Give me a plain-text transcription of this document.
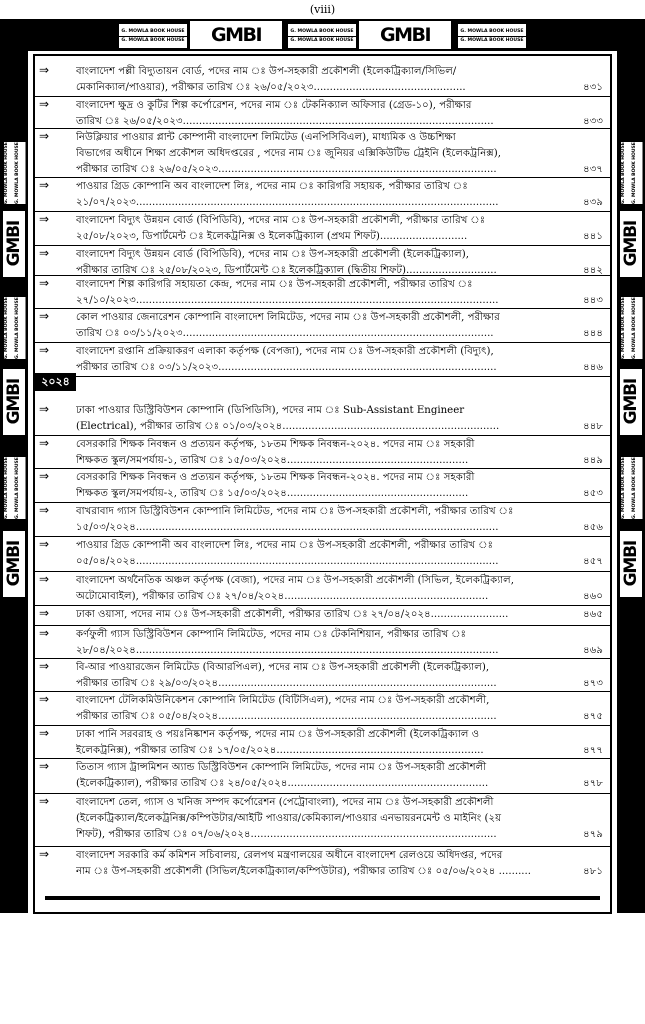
(viii)
G. MOWLA BOOK HOUSE
G. MOWLA BOOK HOUSE	GMBI	G. MOWLA BOOK HOUSE
G. MOWLA BOOK HOUSE	GMBI	G. MOWLA BOOK HOUSE
G. MOWLA BOOK HOUSE
G. MOWLA BOOK HOUSE	G. MOWLA BOOK HOUSE
GMBI
G. MOWLA BOOK HOUSE	G. MOWLA BOOK HOUSE
GMBI
G. MOWLA BOOK HOUSE	G. MOWLA BOOK HOUSE
GMBI
G. MOWLA BOOK HOUSE	G. MOWLA BOOK HOUSE
GMBI
G. MOWLA BOOK HOUSE	G. MOWLA BOOK HOUSE
GMBI
G. MOWLA BOOK HOUSE	G. MOWLA BOOK HOUSE
GMBI
২০২৪
⇒	বাংলাদেশ পল্লী বিদ্যুতায়ন বোর্ড, পদের নাম ঃ উপ-সহকারী প্রকৌশলী (ইলেকট্রিক্যাল/সিভিল/
মেকানিক্যাল/পাওয়ার), পরীক্ষার তারিখ ঃ ২৬/০৫/২০২৩...............................................	৪৩১
⇒	বাংলাদেশ ক্ষুদ্র ও কুটির শিল্প কর্পোরেশন, পদের নাম ঃ টেকনিক্যাল অফিসার (গ্রেড-১০), পরীক্ষার
তারিখ ঃ ২৬/০৫/২০২৩................................................................................................	৪৩৩
⇒	নিউক্লিয়ার পাওয়ার প্লান্ট কোম্পানী বাংলাদেশ লিমিটেড (এনপিসিবিএল), মাধ্যমিক ও উচ্চশিক্ষা
বিভাগের অধীনে শিক্ষা প্রকৌশল অধিদপ্তরের , পদের নাম ঃ জুনিয়র এক্সিকিউটিভ ট্রেইনি (ইলেকট্রনিক্স),
পরীক্ষার তারিখ ঃ ২৬/০৫/২০২৩......................................................................................	৪৩৭
⇒	পাওয়ার গ্রিড কোম্পানি অব বাংলাদেশ লিঃ, পদের নাম ঃ কারিগরি সহায়ক, পরীক্ষার তারিখ ঃ
২১/০৭/২০২৩................................................................................................................	৪৩৯
⇒	বাংলাদেশ বিদ্যুৎ উন্নয়ন বোর্ড (বিপিডিবি), পদের নাম ঃ উপ-সহকারী প্রকৌশলী, পরীক্ষার তারিখ ঃ
২৫/০৮/২০২৩, ডিপার্টমেন্ট ঃ ইলেকট্রনিক্স ও ইলেকট্রিক্যাল (প্রথম শিফট)...........................	৪৪১
⇒	বাংলাদেশ বিদ্যুৎ উন্নয়ন বোর্ড (বিপিডিবি), পদের নাম ঃ উপ-সহকারী প্রকৌশলী (ইলেকট্রিক্যাল),
পরীক্ষার তারিখ ঃ ২৫/০৮/২০২৩, ডিপার্টমেন্ট ঃ ইলেকট্রিক্যাল (দ্বিতীয় শিফট)............................	৪৪২
⇒	বাংলাদেশ শিল্প কারিগরি সহায়তা কেন্দ্র, পদের নাম ঃ উপ-সহকারী প্রকৌশলী, পরীক্ষার তারিখ ঃ
২৭/১০/২০২৩................................................................................................................	৪৪৩
⇒	কোল পাওয়ার জেনারেশন কোম্পানি বাংলাদেশ লিমিটেড, পদের নাম ঃ উপ-সহকারী প্রকৌশলী, পরীক্ষার
তারিখ ঃ ০৩/১১/২০২৩................................................................................................	৪৪৪
⇒	বাংলাদেশ রপ্তানি প্রক্রিয়াকরণ এলাকা কর্তৃপক্ষ (বেপজা), পদের নাম ঃ উপ-সহকারী প্রকৌশলী (বিদ্যুৎ),
পরীক্ষার তারিখ ঃ ০৩/১১/২০২৩......................................................................................	৪৪৬
⇒	ঢাকা পাওয়ার ডিস্ট্রিবিউশন কোম্পানি (ডিপিডিসি), পদের নাম ঃ Sub-Assistant Engineer
(Electrical), পরীক্ষার তারিখ ঃ ০১/০৩/২০২৪...................................................................	৪৪৮
⇒	বেসরকারি শিক্ষক নিবন্ধন ও প্রত্যয়ন কর্তৃপক্ষ, ১৮তম শিক্ষক নিবন্ধন-২০২৪. পদের নাম ঃ সহকারী
শিক্ষকত স্কুল/সমপর্যায়-১, তারিখ ঃ ১৫/০৩/২০২৪........................................................	৪৪৯
⇒	বেসরকারি শিক্ষক নিবন্ধন ও প্রত্যয়ন কর্তৃপক্ষ, ১৮তম শিক্ষক নিবন্ধন-২০২৪. পদের নাম ঃ সহকারী
শিক্ষকত স্কুল/সমপর্যায়-২, তারিখ ঃ ১৫/০৩/২০২৪........................................................	৪৫৩
⇒	বাখরাবাদ গ্যাস ডিস্ট্রিবিউশন কোম্পানি লিমিটেড, পদের নাম ঃ উপ-সহকারী প্রকৌশলী, পরীক্ষার তারিখ ঃ
১৫/০৩/২০২৪................................................................................................................	৪৫৬
⇒	পাওয়ার গ্রিড কোম্পানী অব বাংলাদেশ লিঃ, পদের নাম ঃ উপ-সহকারী প্রকৌশলী, পরীক্ষার তারিখ ঃ
০৫/০৪/২০২৪................................................................................................................	৪৫৭
⇒	বাংলাদেশ অর্থনৈতিক অঞ্চল কর্তৃপক্ষ (বেজা), পদের নাম ঃ উপ-সহকারী প্রকৌশলী (সিভিল, ইলেকট্রিক্যাল,
অটোমোবাইল), পরীক্ষার তারিখ ঃ ২৭/০৪/২০২৪...............................................................	৪৬০
⇒	ঢাকা ওয়াসা, পদের নাম ঃ উপ-সহকারী প্রকৌশলী, পরীক্ষার তারিখ ঃ ২৭/০৪/২০২৪........................	৪৬৫
⇒	কর্ণফুলী গ্যাস ডিস্ট্রিবিউশন কোম্পানি লিমিটেড, পদের নাম ঃ টেকনিশিয়ান, পরীক্ষার তারিখ ঃ
২৮/০৪/২০২৪................................................................................................................	৪৬৯
⇒	বি-আর পাওয়ারজেন লিমিটেড (বিআরপিএল), পদের নাম ঃ উপ-সহকারী প্রকৌশলী (ইলেকট্রিক্যাল),
পরীক্ষার তারিখ ঃ ২৯/০৩/২০২৪......................................................................................	৪৭৩
⇒	বাংলাদেশ টেলিকমিউনিকেশন কোম্পানি লিমিটেড (বিটিসিএল), পদের নাম ঃ উপ-সহকারী প্রকৌশলী,
পরীক্ষার তারিখ ঃ ০৫/০৪/২০২৪......................................................................................	৪৭৫
⇒	ঢাকা পানি সরবরাহ ও পয়ঃনিষ্কাশন কর্তৃপক্ষ, পদের নাম ঃ উপ-সহকারী প্রকৌশলী (ইলেকট্রিক্যাল ও
ইলেকট্রনিক্স), পরীক্ষার তারিখ ঃ ১৭/০৫/২০২৪................................................................	৪৭৭
⇒	তিতাস গ্যাস ট্রান্সমিশন অ্যান্ড ডিস্ট্রিবিউশন কোম্পানি লিমিটেড, পদের নাম ঃ উপ-সহকারী প্রকৌশলী
(ইলেকট্রিক্যাল), পরীক্ষার তারিখ ঃ ২৪/০৫/২০২৪..............................................................	৪৭৮
⇒	বাংলাদেশ তেল, গ্যাস ও খনিজ সম্পদ কর্পোরেশন (পেট্রোবাংলা), পদের নাম ঃ উপ-সহকারী প্রকৌশলী
(ইলেকট্রিক্যাল/ইলেকট্রনিক্স/কম্পিউটার/আইটি পাওয়ার/কেমিক্যাল/পাওয়ার এনভায়রনমেন্ট ও মাইনিং (২য়
শিফট), পরীক্ষার তারিখ ঃ ০৭/০৬/২০২৪............................................................................	৪৭৯
⇒	বাংলাদেশ সরকারি কর্ম কমিশন সচিবালয়, রেলপথ মন্ত্রণালয়ের অধীনে বাংলাদেশ রেলওয়ে অধিদপ্তর, পদের
নাম ঃ উপ-সহকারী প্রকৌশলী (সিভিল/ইলেকট্রিক্যাল/কম্পিউটার), পরীক্ষার তারিখ ঃ ০৫/০৬/২০২৪ ..........	৪৮১
